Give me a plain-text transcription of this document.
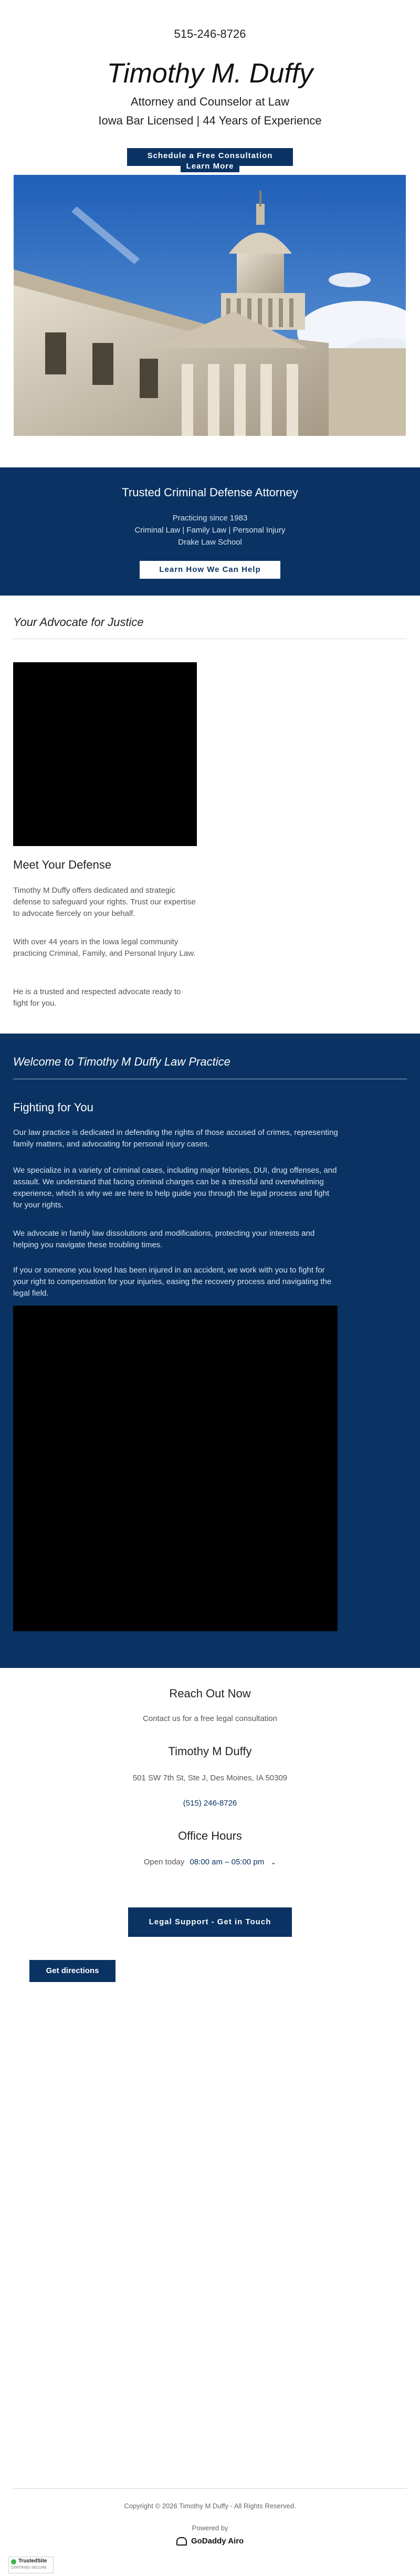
515-246-8726
Timothy M. Duffy
Attorney and Counselor at Law
Iowa Bar Licensed | 44 Years of Experience
Schedule a Free Consultation
Learn More
Trusted Criminal Defense Attorney
Practicing since 1983
Criminal Law | Family Law | Personal Injury
Drake Law School
Learn How We Can Help
Your Advocate for Justice
Meet Your Defense
Timothy M Duffy offers dedicated and strategic defense to safeguard your rights. Trust our expertise to advocate fiercely on your behalf.
With over 44 years in the Iowa legal community practicing Criminal, Family, and Personal Injury Law.
He is a trusted and respected advocate ready to fight for you.
Welcome to Timothy M Duffy Law Practice
Fighting for You
Our law practice is dedicated in defending the rights of those accused of crimes, representing family matters, and advocating for personal injury cases.
We specialize in a variety of criminal cases, including major felonies, DUI, drug offenses, and assault. We understand that facing criminal charges can be a stressful and overwhelming experience, which is why we are here to help guide you through the legal process and fight for your rights.
We advocate in family law dissolutions and modifications, protecting your interests and helping you navigate these troubling times.
If you or someone you loved has been injured in an accident, we work with you to fight for your right to compensation for your injuries, easing the recovery process and navigating the legal field.
Reach Out Now
Contact us for a free legal consultation
Timothy M Duffy
501 SW 7th St, Ste J, Des Moines, IA 50309
(515) 246-8726
Office Hours
Open today 08:00 am – 05:00 pm ⌄
Legal Support - Get in Touch
Get directions
Copyright © 2026 Timothy M Duffy - All Rights Reserved.
Powered by
GoDaddy Airo
TrustedSite
CERTIFIED SECURE
